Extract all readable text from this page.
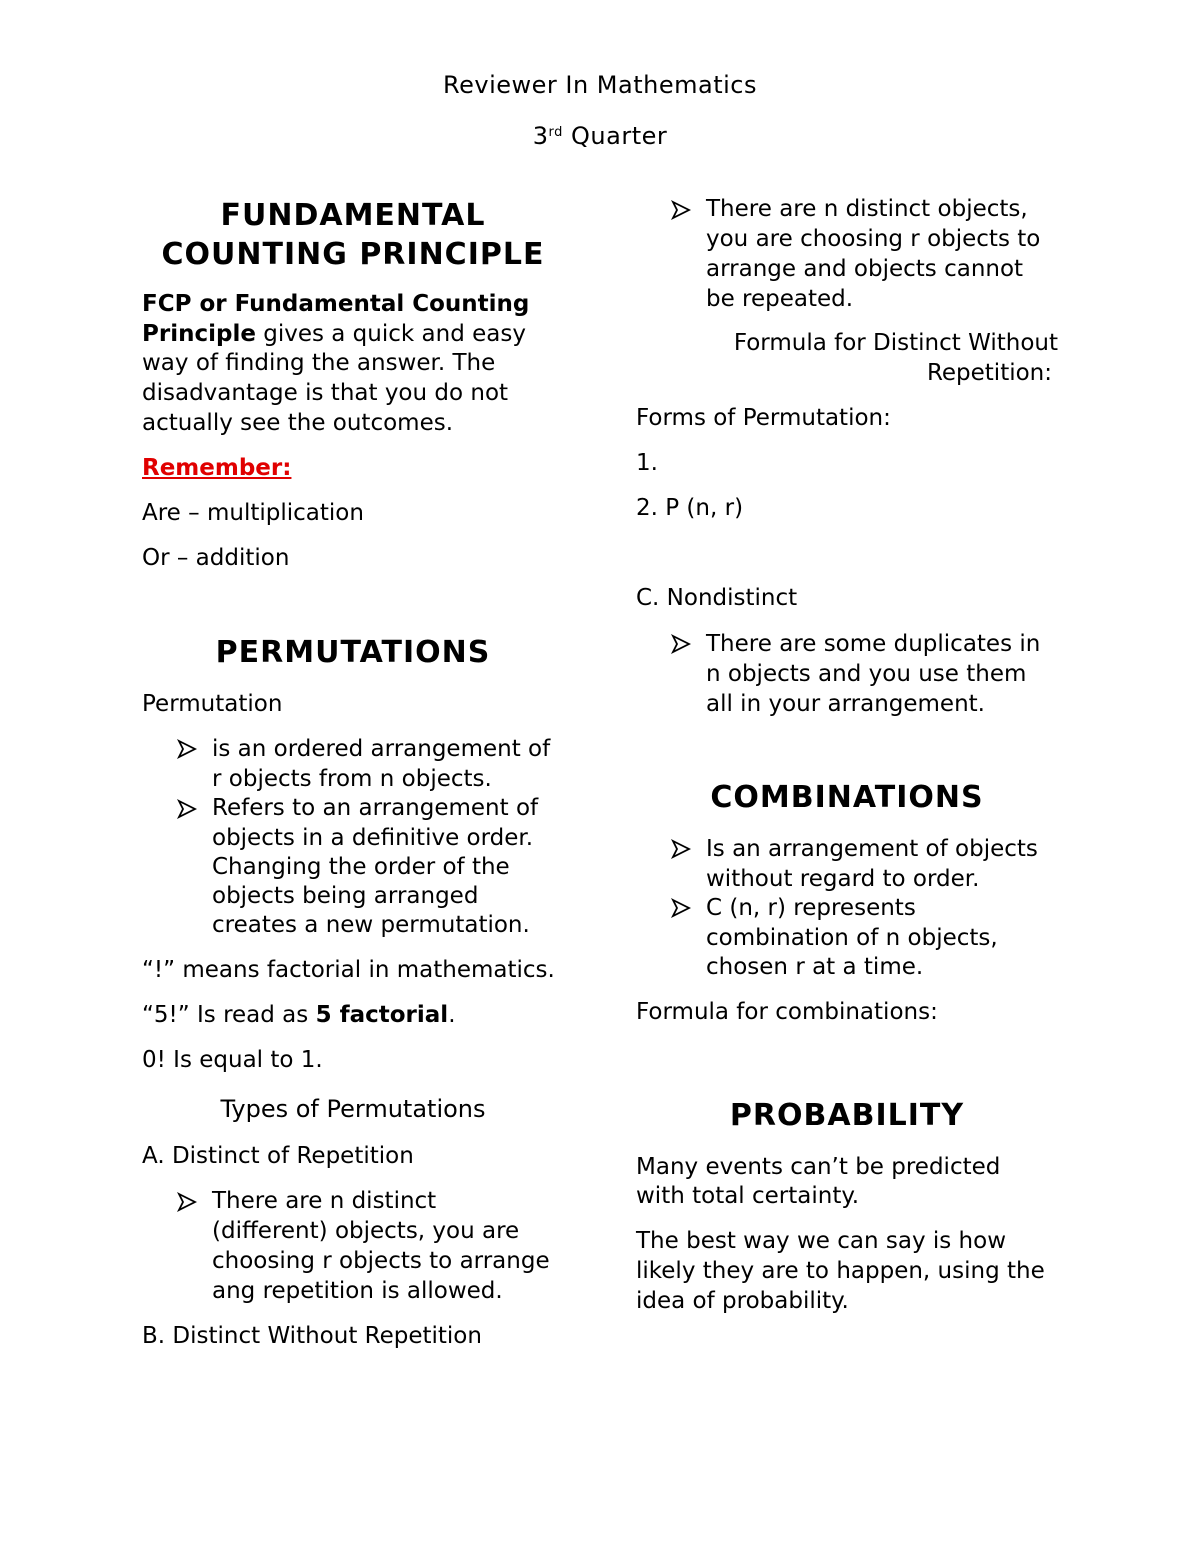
Reviewer In Mathematics
3rd Quarter
FUNDAMENTAL
COUNTING PRINCIPLE
FCP or Fundamental Counting
Principle gives a quick and easy
way of finding the answer. The
disadvantage is that you do not
actually see the outcomes.
Remember:
Are – multiplication
Or – addition
PERMUTATIONS
Permutation
is an ordered arrangement of
r objects from n objects.
Refers to an arrangement of
objects in a definitive order.
Changing the order of the
objects being arranged
creates a new permutation.
“!” means factorial in mathematics.
“5!” Is read as 5 factorial.
0! Is equal to 1.
Types of Permutations
A. Distinct of Repetition
There are n distinct
(different) objects, you are
choosing r objects to arrange
ang repetition is allowed.
B. Distinct Without Repetition
There are n distinct objects,
you are choosing r objects to
arrange and objects cannot
be repeated.
Formula for Distinct Without
Repetition:
Forms of Permutation:
1.
2. P (n, r)
C. Nondistinct
There are some duplicates in
n objects and you use them
all in your arrangement.
COMBINATIONS
Is an arrangement of objects
without regard to order.
C (n, r) represents
combination of n objects,
chosen r at a time.
Formula for combinations:
PROBABILITY
Many events can’t be predicted
with total certainty.
The best way we can say is how
likely they are to happen, using the
idea of probability.
